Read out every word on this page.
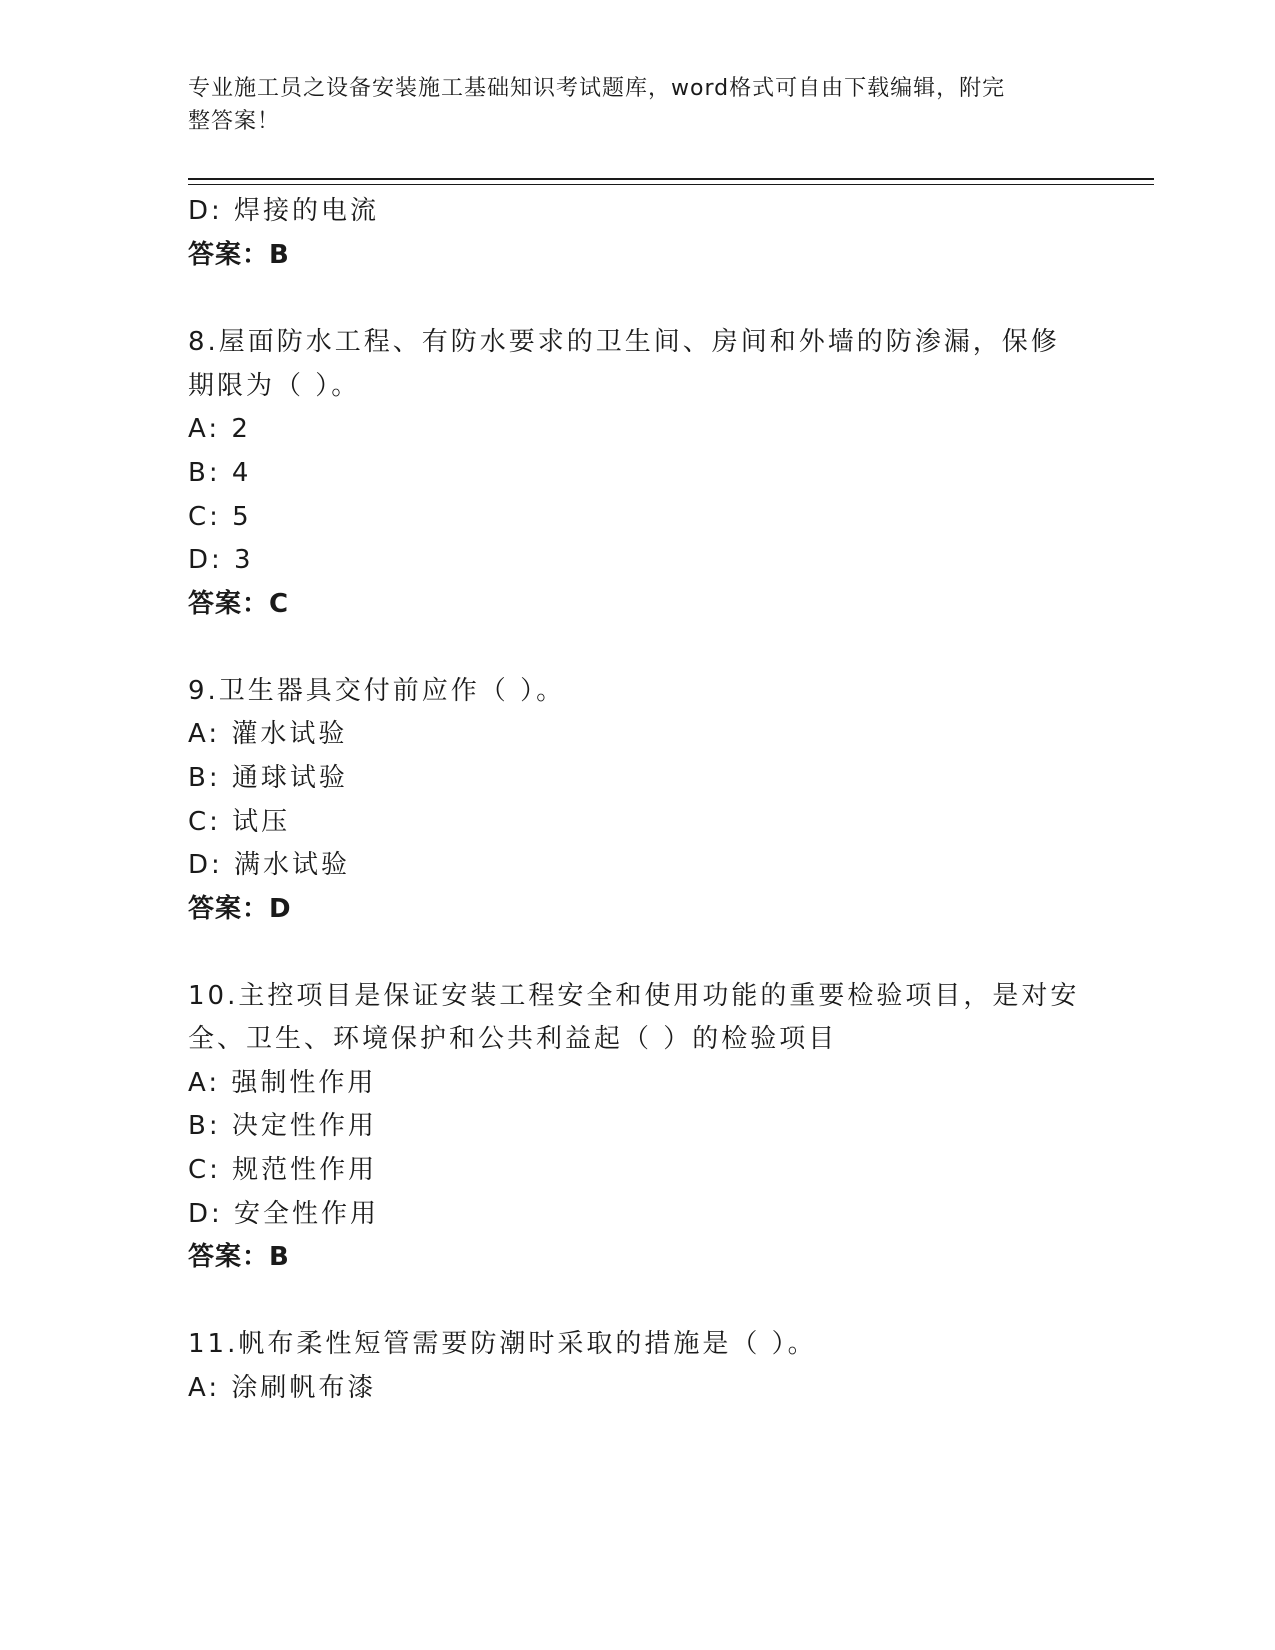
专业施工员之设备安装施工基础知识考试题库，word格式可自由下载编辑，附完
整答案！
D: 焊接的电流
答案：B
8.屋面防水工程、有防水要求的卫生间、房间和外墙的防渗漏，保修
期限为（ ）。
A: 2
B: 4
C: 5
D: 3
答案：C
9.卫生器具交付前应作（ ）。
A: 灌水试验
B: 通球试验
C: 试压
D: 满水试验
答案：D
10.主控项目是保证安装工程安全和使用功能的重要检验项目，是对安
全、卫生、环境保护和公共利益起（ ）的检验项目
A: 强制性作用
B: 决定性作用
C: 规范性作用
D: 安全性作用
答案：B
11.帆布柔性短管需要防潮时采取的措施是（ ）。
A: 涂刷帆布漆
